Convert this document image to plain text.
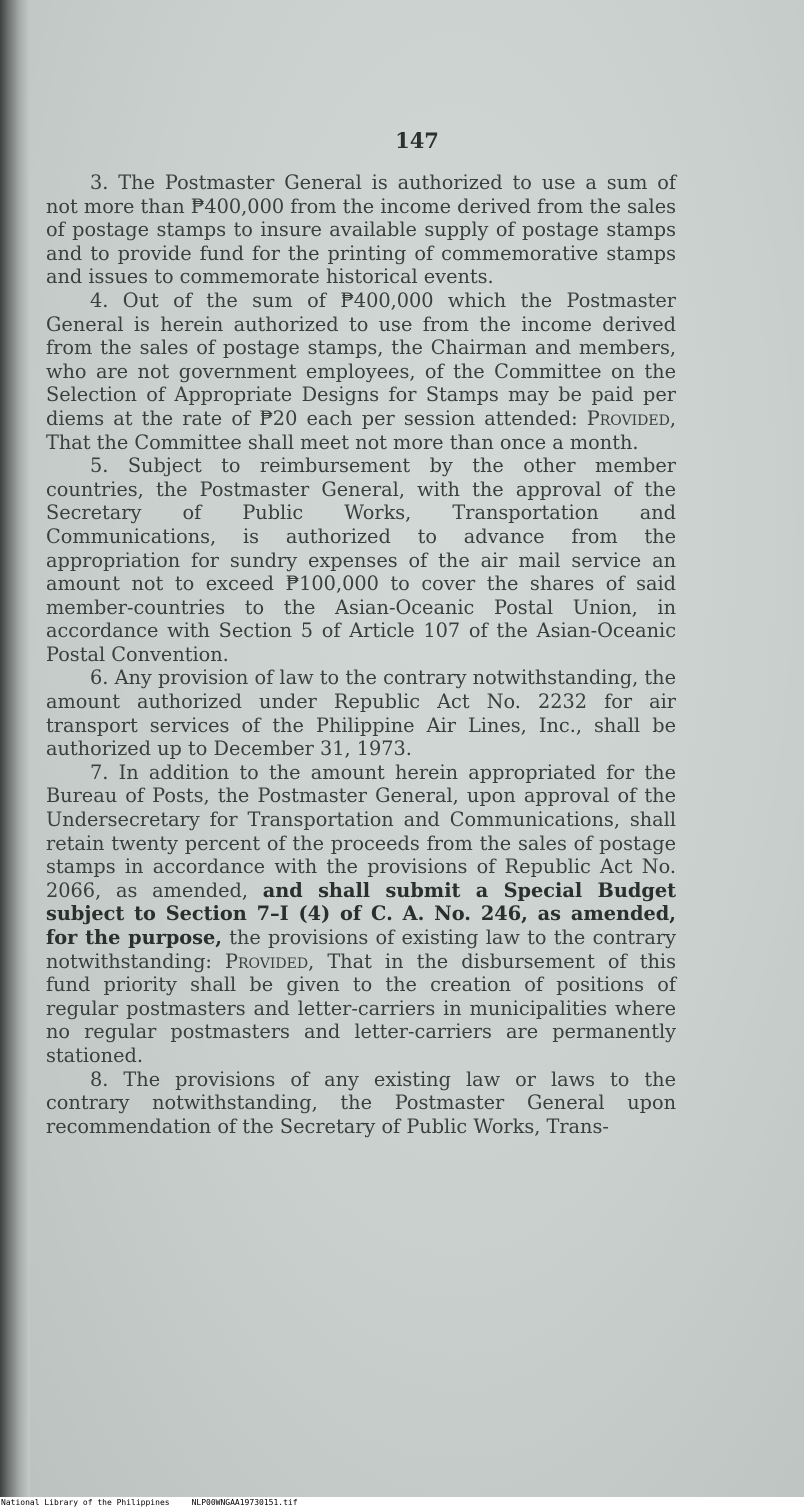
147

3. The Postmaster General is authorized to use a sum of not more than ₱400,000 from the income derived from the sales of postage stamps to insure available supply of postage stamps and to provide fund for the printing of commemorative stamps and issues to commemorate historical events.

4. Out of the sum of ₱400,000 which the Postmaster General is herein authorized to use from the income derived from the sales of postage stamps, the Chairman and members, who are not government employees, of the Committee on the Selection of Appropriate Designs for Stamps may be paid per diems at the rate of ₱20 each per session attended: Provided, That the Committee shall meet not more than once a month.

5. Subject to reimbursement by the other member countries, the Postmaster General, with the approval of the Secretary of Public Works, Transportation and Communications, is authorized to advance from the appropriation for sundry expenses of the air mail service an amount not to exceed ₱100,000 to cover the shares of said member-countries to the Asian-Oceanic Postal Union, in accordance with Section 5 of Article 107 of the Asian-Oceanic Postal Convention.

6. Any provision of law to the contrary notwithstanding, the amount authorized under Republic Act No. 2232 for air transport services of the Philippine Air Lines, Inc., shall be authorized up to December 31, 1973.

7. In addition to the amount herein appropriated for the Bureau of Posts, the Postmaster General, upon approval of the Undersecretary for Transportation and Communications, shall retain twenty percent of the proceeds from the sales of postage stamps in accordance with the provisions of Republic Act No. 2066, as amended, and shall submit a Special Budget subject to Section 7–I (4) of C. A. No. 246, as amended, for the purpose, the provisions of existing law to the contrary notwithstanding: Provided, That in the disbursement of this fund priority shall be given to the creation of positions of regular postmasters and letter-carriers in municipalities where no regular postmasters and letter-carriers are permanently stationed.

8. The provisions of any existing law or laws to the contrary notwithstanding, the Postmaster General upon recommendation of the Secretary of Public Works, Trans-

National Library of the Philippines	NLP00WNGAA19730151.tif
